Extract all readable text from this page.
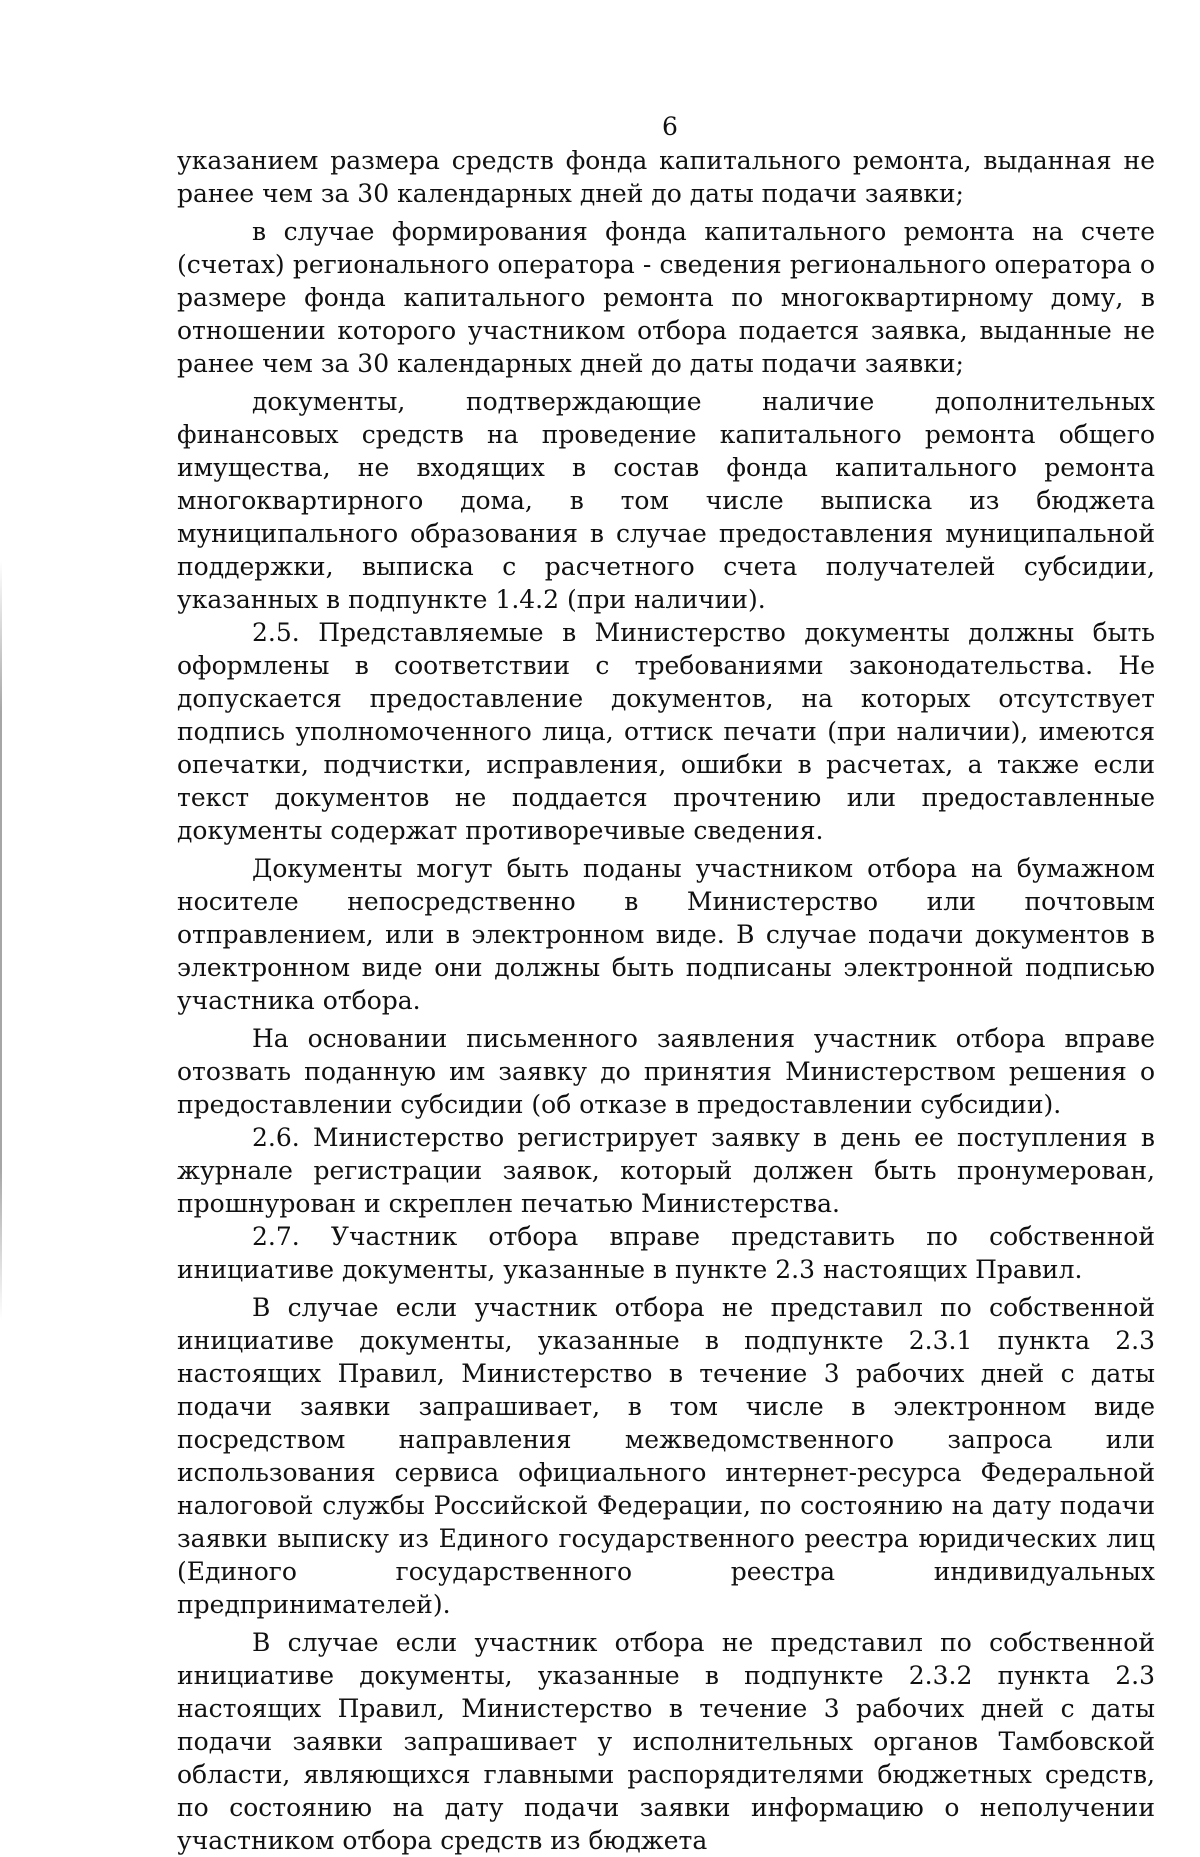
6

указанием размера средств фонда капитального ремонта, выданная не ранее чем за 30 календарных дней до даты подачи заявки;

в случае формирования фонда капитального ремонта на счете (счетах) регионального оператора - сведения регионального оператора о размере фонда капитального ремонта по многоквартирному дому, в отношении которого участником отбора подается заявка, выданные не ранее чем за 30 календарных дней до даты подачи заявки;

документы, подтверждающие наличие дополнительных финансовых средств на проведение капитального ремонта общего имущества, не входящих в состав фонда капитального ремонта многоквартирного дома, в том числе выписка из бюджета муниципального образования в случае предоставления муниципальной поддержки, выписка с расчетного счета получателей субсидии, указанных в подпункте 1.4.2 (при наличии).

2.5. Представляемые в Министерство документы должны быть оформлены в соответствии с требованиями законодательства. Не допускается предоставление документов, на которых отсутствует подпись уполномоченного лица, оттиск печати (при наличии), имеются опечатки, подчистки, исправления, ошибки в расчетах, а также если текст документов не поддается прочтению или предоставленные документы содержат противоречивые сведения.

Документы могут быть поданы участником отбора на бумажном носителе непосредственно в Министерство или почтовым отправлением, или в электронном виде. В случае подачи документов в электронном виде они должны быть подписаны электронной подписью участника отбора.

На основании письменного заявления участник отбора вправе отозвать поданную им заявку до принятия Министерством решения о предоставлении субсидии (об отказе в предоставлении субсидии).

2.6. Министерство регистрирует заявку в день ее поступления в журнале регистрации заявок, который должен быть пронумерован, прошнурован и скреплен печатью Министерства.

2.7. Участник отбора вправе представить по собственной инициативе документы, указанные в пункте 2.3 настоящих Правил.

В случае если участник отбора не представил по собственной инициативе документы, указанные в подпункте 2.3.1 пункта 2.3 настоящих Правил, Министерство в течение 3 рабочих дней с даты подачи заявки запрашивает, в том числе в электронном виде посредством направления межведомственного запроса или использования сервиса официального интернет-ресурса Федеральной налоговой службы Российской Федерации, по состоянию на дату подачи заявки выписку из Единого государственного реестра юридических лиц (Единого государственного реестра индивидуальных предпринимателей).

В случае если участник отбора не представил по собственной инициативе документы, указанные в подпункте 2.3.2 пункта 2.3 настоящих Правил, Министерство в течение 3 рабочих дней с даты подачи заявки запрашивает у исполнительных органов Тамбовской области, являющихся главными распорядителями бюджетных средств, по состоянию на дату подачи заявки информацию о неполучении участником отбора средств из бюджета
